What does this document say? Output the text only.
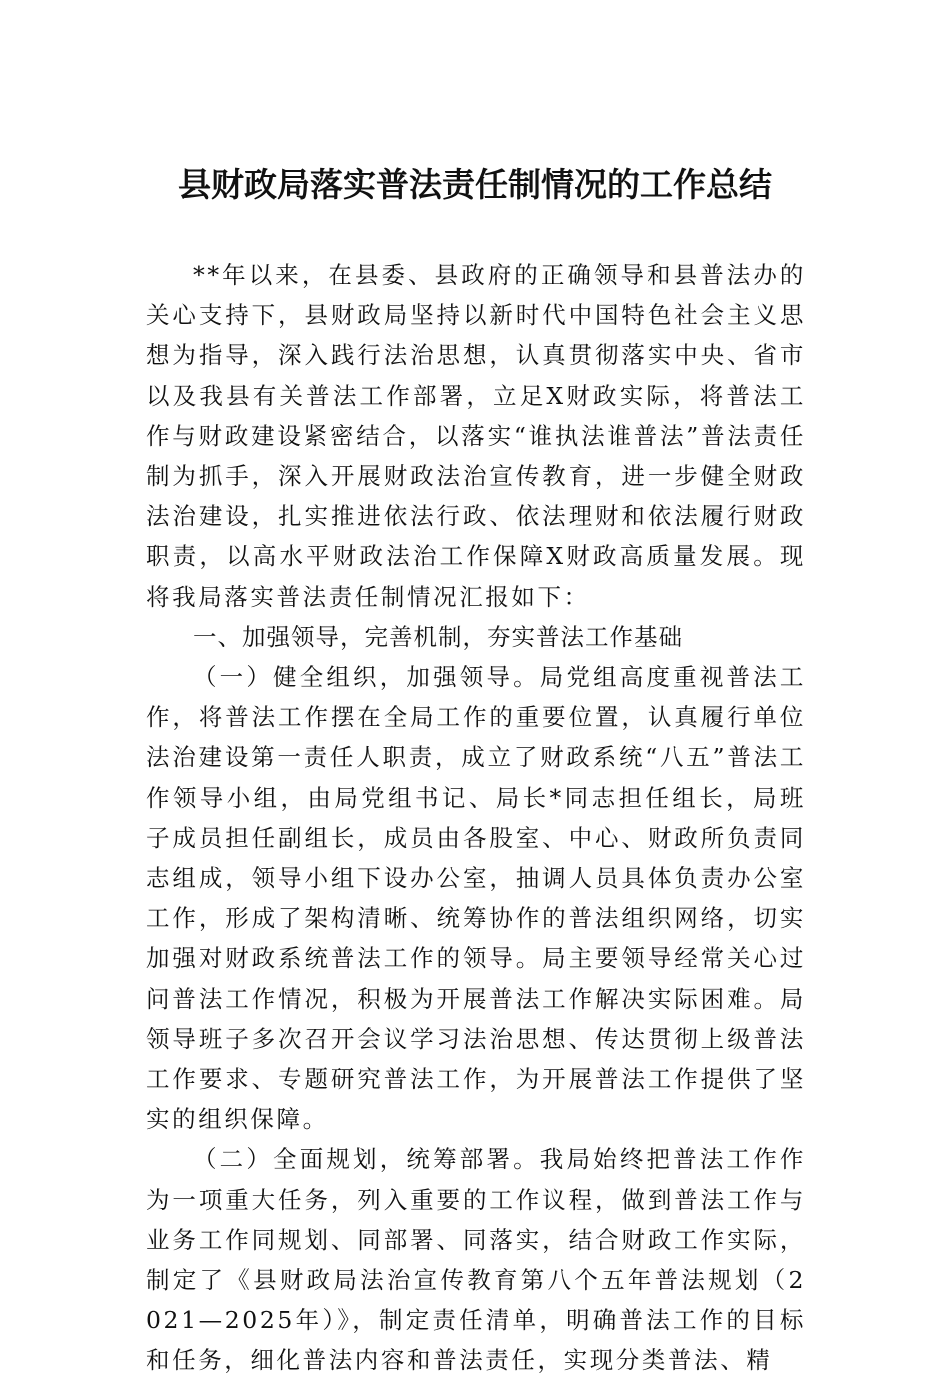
县财政局落实普法责任制情况的工作总结

**年以来，在县委、县政府的正确领导和县普法办的关心支持下，县财政局坚持以新时代中国特色社会主义思想为指导，深入践行法治思想，认真贯彻落实中央、省市以及我县有关普法工作部署，立足X财政实际，将普法工作与财政建设紧密结合，以落实“谁执法谁普法”普法责任制为抓手，深入开展财政法治宣传教育，进一步健全财政法治建设，扎实推进依法行政、依法理财和依法履行财政职责，以高水平财政法治工作保障X财政高质量发展。现将我局落实普法责任制情况汇报如下：

一、加强领导，完善机制，夯实普法工作基础

（一）健全组织，加强领导。局党组高度重视普法工作，将普法工作摆在全局工作的重要位置，认真履行单位法治建设第一责任人职责，成立了财政系统“八五”普法工作领导小组，由局党组书记、局长*同志担任组长，局班子成员担任副组长，成员由各股室、中心、财政所负责同志组成，领导小组下设办公室，抽调人员具体负责办公室工作，形成了架构清晰、统筹协作的普法组织网络，切实加强对财政系统普法工作的领导。局主要领导经常关心过问普法工作情况，积极为开展普法工作解决实际困难。局领导班子多次召开会议学习法治思想、传达贯彻上级普法工作要求、专题研究普法工作，为开展普法工作提供了坚实的组织保障。

（二）全面规划，统筹部署。我局始终把普法工作作为一项重大任务，列入重要的工作议程，做到普法工作与业务工作同规划、同部署、同落实，结合财政工作实际，制定了《县财政局法治宣传教育第八个五年普法规划（2021—2025年）》，制定责任清单，明确普法工作的目标和任务，细化普法内容和普法责任，实现分类普法、精
